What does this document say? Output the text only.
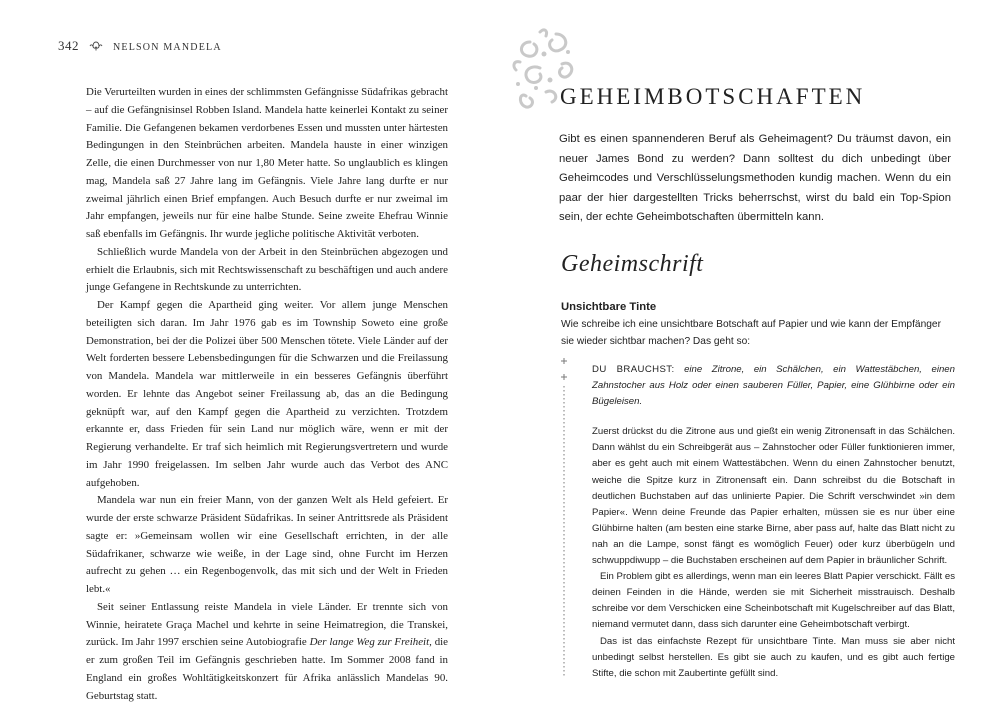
342	NELSON MANDELA

Die Verurteilten wurden in eines der schlimmsten Gefängnisse Südafrikas gebracht – auf die Gefängnisinsel Robben Island. Mandela hatte keinerlei Kontakt zu seiner Familie. Die Gefangenen bekamen verdorbenes Essen und mussten unter härtesten Bedingungen in den Steinbrüchen arbeiten. Mandela hauste in einer winzigen Zelle, die einen Durchmesser von nur 1,80 Meter hatte. So unglaublich es klingen mag, Mandela saß 27 Jahre lang im Gefängnis. Viele Jahre lang durfte er nur zweimal jährlich einen Brief empfangen. Auch Besuch durfte er nur zweimal im Jahr empfangen, jeweils nur für eine halbe Stunde. Seine zweite Ehefrau Winnie saß ebenfalls im Gefängnis. Ihr wurde jegliche politische Aktivität verboten.

Schließlich wurde Mandela von der Arbeit in den Steinbrüchen abgezogen und erhielt die Erlaubnis, sich mit Rechtswissenschaft zu beschäftigen und auch andere junge Gefangene in Rechtskunde zu unterrichten.

Der Kampf gegen die Apartheid ging weiter. Vor allem junge Menschen beteiligten sich daran. Im Jahr 1976 gab es im Township Soweto eine große Demonstration, bei der die Polizei über 500 Menschen tötete. Viele Länder auf der Welt forderten bessere Lebensbedingungen für die Schwarzen und die Freilassung von Mandela. Mandela war mittlerweile in ein besseres Gefängnis überführt worden. Er lehnte das Angebot seiner Freilassung ab, das an die Bedingung geknüpft war, auf den Kampf gegen die Apartheid zu verzichten. Trotzdem erkannte er, dass Frieden für sein Land nur möglich wäre, wenn er mit der Regierung verhandelte. Er traf sich heimlich mit Regierungsvertretern und wurde im Jahr 1990 freigelassen. Im selben Jahr wurde auch das Verbot des ANC aufgehoben.

Mandela war nun ein freier Mann, von der ganzen Welt als Held gefeiert. Er wurde der erste schwarze Präsident Südafrikas. In seiner Antrittsrede als Präsident sagte er: »Gemeinsam wollen wir eine Gesellschaft errichten, in der alle Südafrikaner, schwarze wie weiße, in der Lage sind, ohne Furcht im Herzen aufrecht zu gehen … ein Regenbogenvolk, das mit sich und der Welt in Frieden lebt.«

Seit seiner Entlassung reiste Mandela in viele Länder. Er trennte sich von Winnie, heiratete Graça Machel und kehrte in seine Heimatregion, die Transkei, zurück. Im Jahr 1997 erschien seine Autobiografie Der lange Weg zur Freiheit, die er zum großen Teil im Gefängnis geschrieben hatte. Im Sommer 2008 fand in England ein großes Wohltätigkeitskonzert für Afrika anlässlich Mandelas 90. Geburtstag statt.

GEHEIMBOTSCHAFTEN
Gibt es einen spannenderen Beruf als Geheimagent? Du träumst davon, ein neuer James Bond zu werden? Dann solltest du dich unbedingt über Geheimcodes und Verschlüsselungsmethoden kundig machen. Wenn du ein paar der hier dargestellten Tricks beherrschst, wirst du bald ein Top-Spion sein, der echte Geheimbotschaften übermitteln kann.
Geheimschrift
Unsichtbare Tinte
Wie schreibe ich eine unsichtbare Botschaft auf Papier und wie kann der Empfänger sie wieder sichtbar machen? Das geht so:

DU BRAUCHST: eine Zitrone, ein Schälchen, ein Wattestäbchen, einen Zahnstocher aus Holz oder einen sauberen Füller, Papier, eine Glühbirne oder ein Bügeleisen.

Zuerst drückst du die Zitrone aus und gießt ein wenig Zitronensaft in das Schälchen. Dann wählst du ein Schreibgerät aus – Zahnstocher oder Füller funktionieren immer, aber es geht auch mit einem Wattestäbchen. Wenn du einen Zahnstocher benutzt, weiche die Spitze kurz in Zitronensaft ein. Dann schreibst du die Botschaft in deutlichen Buchstaben auf das unlinierte Papier. Die Schrift verschwindet »in dem Papier«. Wenn deine Freunde das Papier erhalten, müssen sie es nur über eine Glühbirne halten (am besten eine starke Birne, aber pass auf, halte das Blatt nicht zu nah an die Lampe, sonst fängt es womöglich Feuer) oder kurz überbügeln und schwuppdiwupp – die Buchstaben erscheinen auf dem Papier in bräunlicher Schrift.

Ein Problem gibt es allerdings, wenn man ein leeres Blatt Papier verschickt. Fällt es deinen Feinden in die Hände, werden sie mit Sicherheit misstrauisch. Deshalb schreibe vor dem Verschicken eine Scheinbotschaft mit Kugelschreiber auf das Blatt, niemand vermutet dann, dass sich darunter eine Geheimbotschaft verbirgt.

Das ist das einfachste Rezept für unsichtbare Tinte. Man muss sie aber nicht unbedingt selbst herstellen. Es gibt sie auch zu kaufen, und es gibt auch fertige Stifte, die schon mit Zaubertinte gefüllt sind.
